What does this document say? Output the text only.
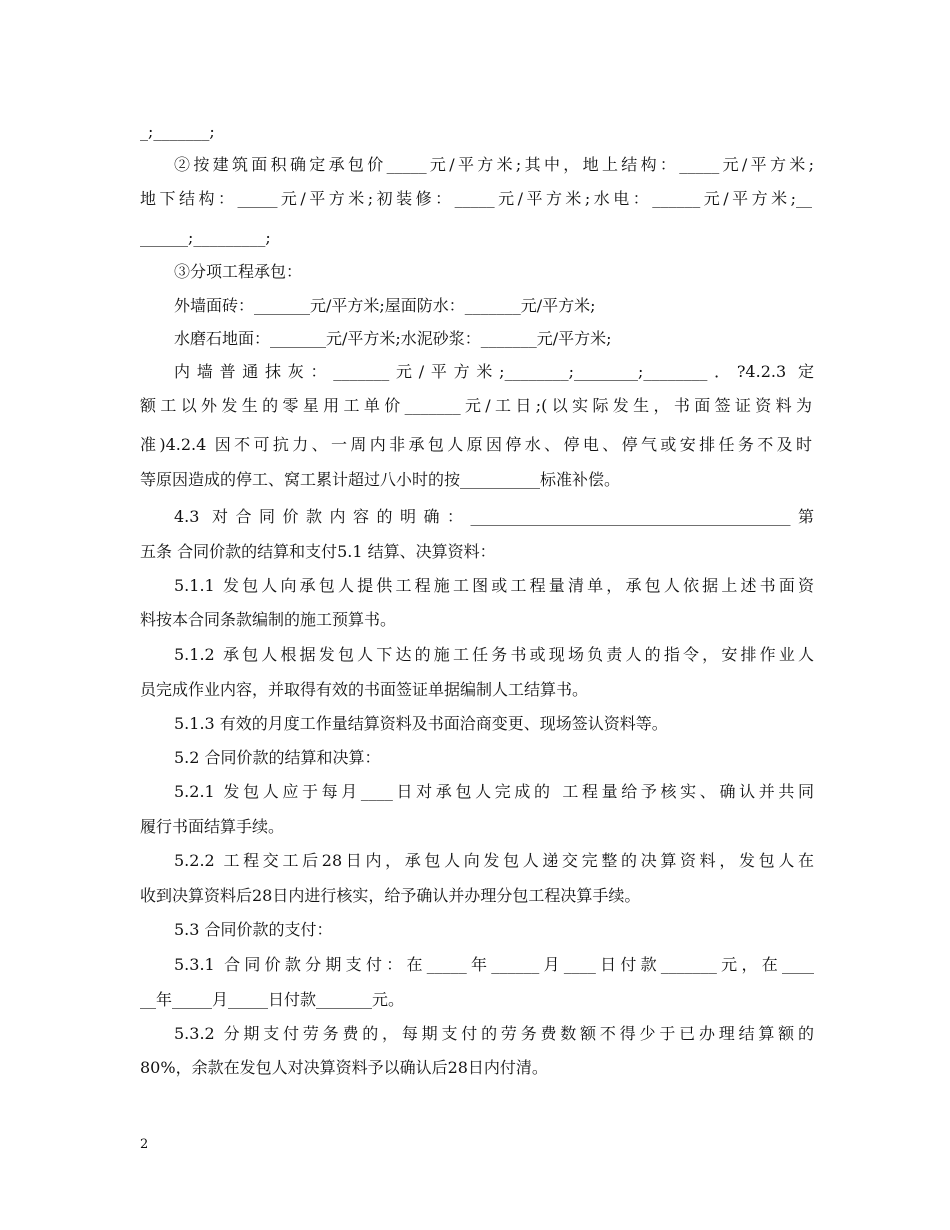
_;_______;
②按建筑面积确定承包价_____元/平方米;其中，地上结构：_____元/平方米;
地下结构：_____元/平方米;初装修：_____元/平方米;水电：______元/平方米;__
______;_________;
③分项工程承包：
外墙面砖：_______元/平方米;屋面防水：_______元/平方米;
水磨石地面：_______元/平方米;水泥砂浆：_______元/平方米;
内墙普通抹灰：_______元/平方米;________;________;________．?4.2.3 定
额工以外发生的零星用工单价_______元/工日;(以实际发生，书面签证资料为
准)4.2.4 因不可抗力、一周内非承包人原因停水、停电、停气或安排任务不及时
等原因造成的停工、窝工累计超过八小时的按__________标准补偿。
4.3 对合同价款内容的明确：________________________________________第
五条 合同价款的结算和支付5.1 结算、决算资料：
5.1.1 发包人向承包人提供工程施工图或工程量清单，承包人依据上述书面资
料按本合同条款编制的施工预算书。
5.1.2 承包人根据发包人下达的施工任务书或现场负责人的指令，安排作业人
员完成作业内容，并取得有效的书面签证单据编制人工结算书。
5.1.3 有效的月度工作量结算资料及书面洽商变更、现场签认资料等。
5.2 合同价款的结算和决算：
5.2.1 发包人应于每月____日对承包人完成的 工程量给予核实、确认并共同
履行书面结算手续。
5.2.2 工程交工后28日内，承包人向发包人递交完整的决算资料，发包人在
收到决算资料后28日内进行核实，给予确认并办理分包工程决算手续。
5.3 合同价款的支付：
5.3.1 合同价款分期支付：在_____年______月____日付款_______元，在____
__年_____月_____日付款_______元。
5.3.2 分期支付劳务费的，每期支付的劳务费数额不得少于已办理结算额的
80%，余款在发包人对决算资料予以确认后28日内付清。
2
